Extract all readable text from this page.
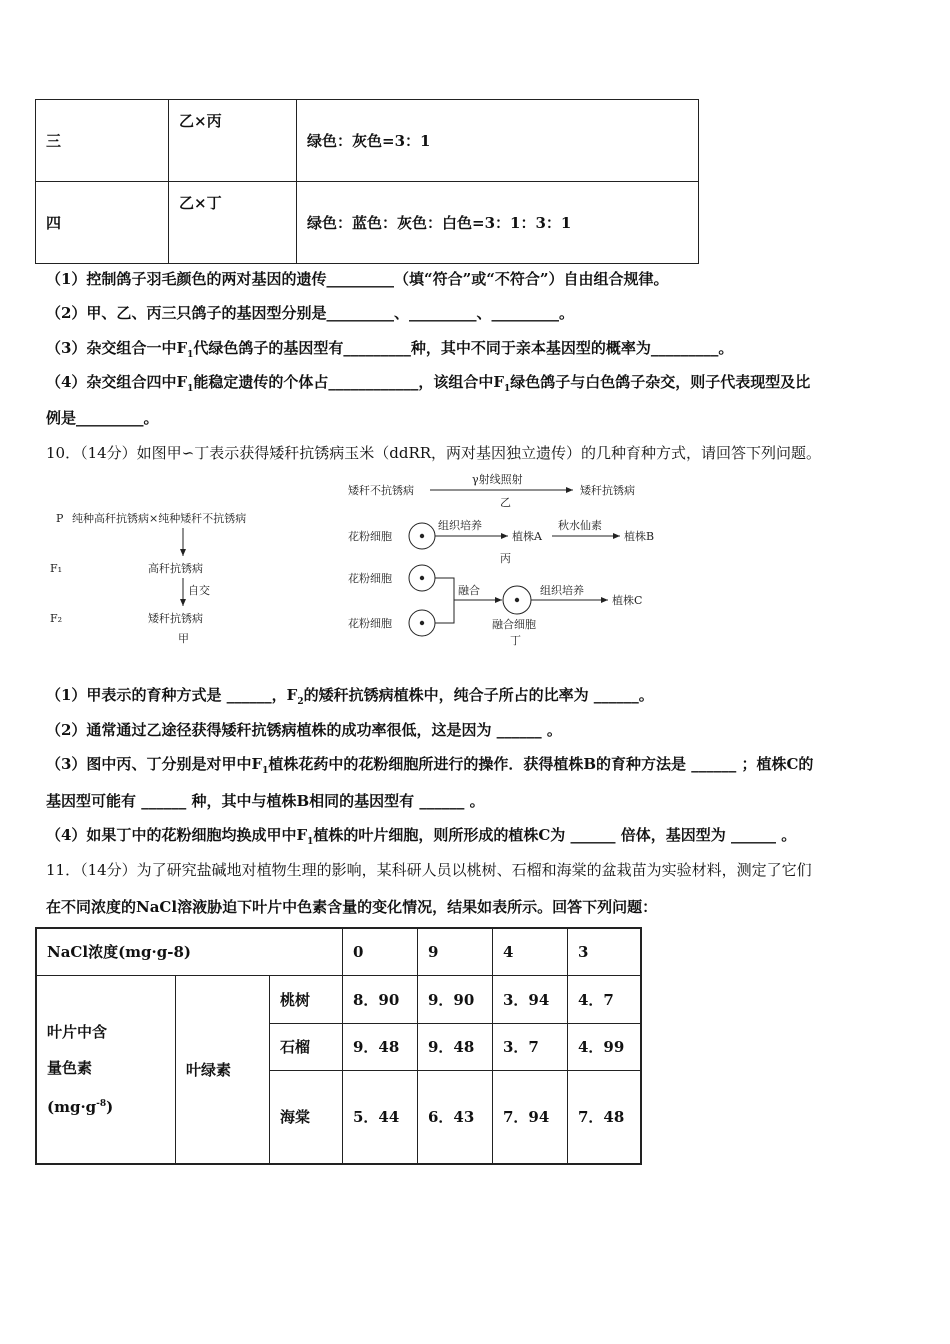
三	乙×丙	绿色：灰色=3：1
四	乙×丁	绿色：蓝色：灰色：白色=3：1：3：1
（1）控制鸽子羽毛颜色的两对基因的遗传_________（填“符合”或“不符合”）自由组合规律。
（2）甲、乙、丙三只鸽子的基因型分别是_________、_________、_________。
（3）杂交组合一中$F_1$代绿色鸽子的基因型有_________种，其中不同于亲本基因型的概率为_________。
（4）杂交组合四中$F_1$能稳定遗传的个体占____________，该组合中$F_1$绿色鸽子与白色鸽子杂交，则子代表现型及比
例是_________。
10．（14分）如图甲∽丁表示获得矮秆抗锈病玉米（ddRR，两对基因独立遗传）的几种育种方式，请回答下列问题。
P 纯种高秆抗锈病×纯种矮秆不抗锈病
F₁	高秆抗锈病
自交
F₂	矮秆抗锈病
甲
矮秆不抗锈病
γ射线照射
矮秆抗锈病
乙
花粉细胞
组织培养
植株A
秋水仙素
植株B
丙
花粉细胞
花粉细胞
融合	组织培养
植株C
融合细胞
丁
（1）甲表示的育种方式是 ______，$F_2$的矮秆抗锈病植株中，纯合子所占的比率为 ______。
（2）通常通过乙途径获得矮秆抗锈病植株的成功率很低，这是因为 ______ 。
（3）图中丙、丁分别是对甲中$F_1$植株花药中的花粉细胞所进行的操作．获得植株B的育种方法是 ______ ；植株C的
基因型可能有 ______ 种，其中与植株B相同的基因型有 ______ 。
（4）如果丁中的花粉细胞均换成甲中$F_1$植株的叶片细胞，则所形成的植株C为 ______ 倍体，基因型为 ______ 。
11．（14分）为了研究盐碱地对植物生理的影响，某科研人员以桃树、石榴和海棠的盆栽苗为实验材料，测定了它们
在不同浓度的NaCl溶液胁迫下叶片中色素含量的变化情况，结果如表所示。回答下列问题：
NaCl浓度(mg·g-8)			0	9	4	3

叶片中含
量色素
$(mg\cdot g^{-8})$	叶绿素	桃树	8．90	9．90	3．94	4．7
		石榴	9．48	9．48	3．7	4．99
		海棠	5．44	6．43	7．94	7．48
